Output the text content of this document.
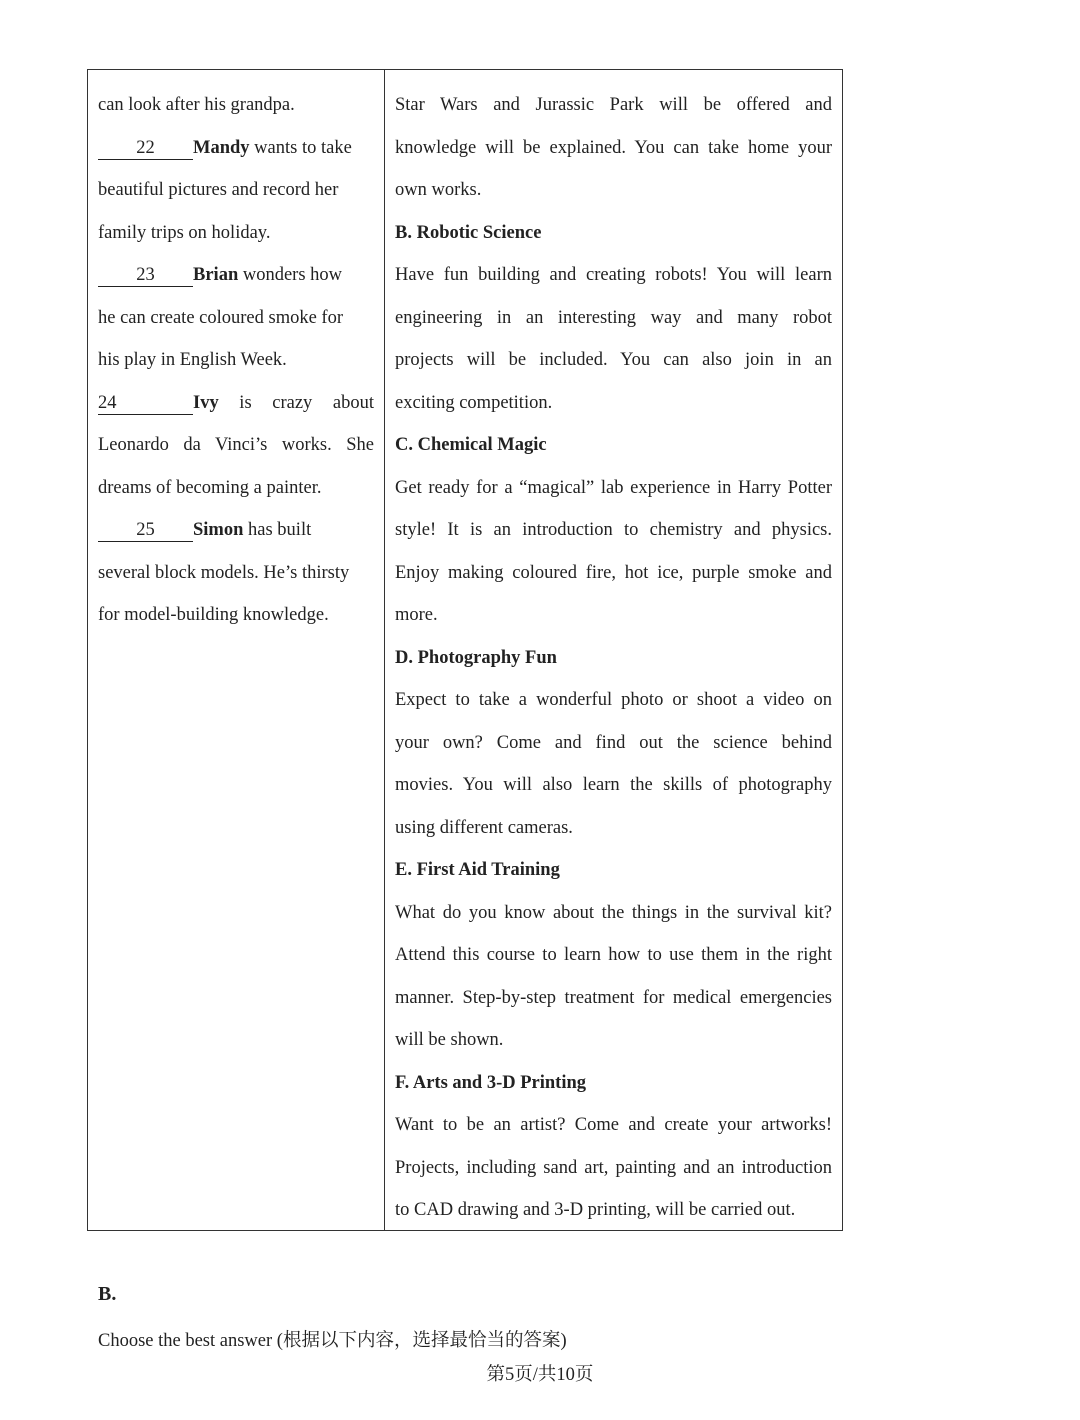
can look after his grandpa.

22 Mandy wants to take

beautiful pictures and record her

family trips on holiday.

23 Brian wonders how

he can create coloured smoke for

his play in English Week.

24	Ivy is crazy about

Leonardo da Vinci’s works. She

dreams of becoming a painter.

25 Simon has built

several block models. He’s thirsty

for model-building knowledge.

Star Wars and Jurassic Park will be offered and

knowledge will be explained. You can take home your

own works.

B. Robotic Science

Have fun building and creating robots! You will learn

engineering in an interesting way and many robot

projects will be included. You can also join in an

exciting competition.

C. Chemical Magic

Get ready for a “magical” lab experience in Harry Potter

style! It is an introduction to chemistry and physics.

Enjoy making coloured fire, hot ice, purple smoke and

more.

D. Photography Fun

Expect to take a wonderful photo or shoot a video on

your own? Come and find out the science behind

movies. You will also learn the skills of photography

using different cameras.

E. First Aid Training

What do you know about the things in the survival kit?

Attend this course to learn how to use them in the right

manner. Step-by-step treatment for medical emergencies

will be shown.

F. Arts and 3-D Printing

Want to be an artist? Come and create your artworks!

Projects, including sand art, painting and an introduction

to CAD drawing and 3-D printing, will be carried out.

B.
Choose the best answer (根据以下内容，选择最恰当的答案)
第5页/共10页
